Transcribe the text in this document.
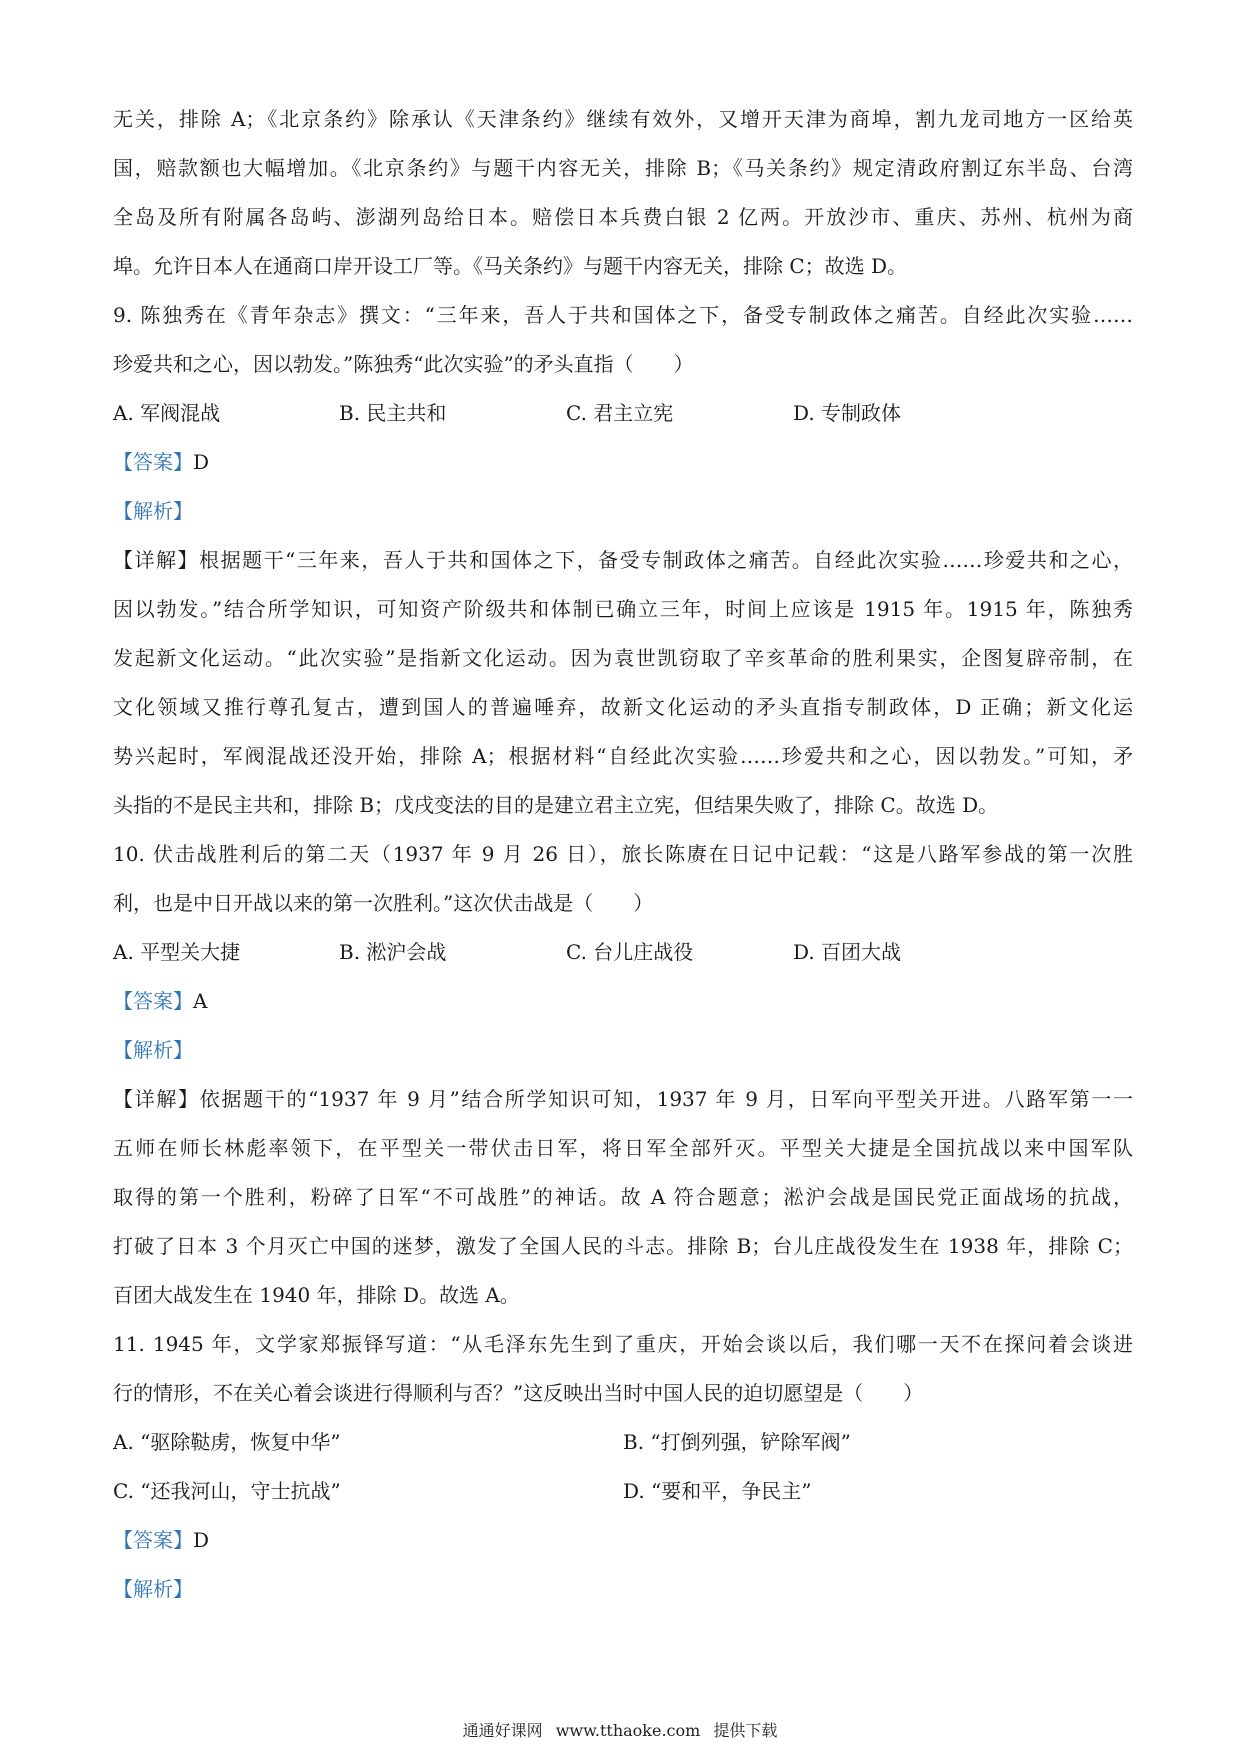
无关，排除 A；《北京条约》除承认《天津条约》继续有效外，又增开天津为商埠，割九龙司地方一区给英
国，赔款额也大幅增加。《北京条约》与题干内容无关，排除 B；《马关条约》规定清政府割辽东半岛、台湾
全岛及所有附属各岛屿、澎湖列岛给日本。赔偿日本兵费白银 2 亿两。开放沙市、重庆、苏州、杭州为商
埠。允许日本人在通商口岸开设工厂等。《马关条约》与题干内容无关，排除 C；故选 D。
9. 陈独秀在《青年杂志》撰文：“三年来，吾人于共和国体之下，备受专制政体之痛苦。自经此次实验……
珍爱共和之心，因以勃发。”陈独秀“此次实验”的矛头直指（　　）
A. 军阀混战	B. 民主共和	C. 君主立宪	D. 专制政体
【答案】D
【解析】
【详解】根据题干“三年来，吾人于共和国体之下，备受专制政体之痛苦。自经此次实验……珍爱共和之心，
因以勃发。”结合所学知识，可知资产阶级共和体制已确立三年，时间上应该是 1915 年。1915 年，陈独秀
发起新文化运动。“此次实验”是指新文化运动。因为袁世凯窃取了辛亥革命的胜利果实，企图复辟帝制，在
文化领域又推行尊孔复古，遭到国人的普遍唾弃，故新文化运动的矛头直指专制政体，D 正确；新文化运
势兴起时，军阀混战还没开始，排除 A；根据材料“自经此次实验……珍爱共和之心，因以勃发。”可知，矛
头指的不是民主共和，排除 B；戊戌变法的目的是建立君主立宪，但结果失败了，排除 C。故选 D。
10. 伏击战胜利后的第二天（1937 年 9 月 26 日），旅长陈赓在日记中记载：“这是八路军参战的第一次胜
利，也是中日开战以来的第一次胜利。”这次伏击战是（　　）
A. 平型关大捷	B. 淞沪会战	C. 台儿庄战役	D. 百团大战
【答案】A
【解析】
【详解】依据题干的“1937 年 9 月”结合所学知识可知，1937 年 9 月，日军向平型关开进。八路军第一一
五师在师长林彪率领下，在平型关一带伏击日军，将日军全部歼灭。平型关大捷是全国抗战以来中国军队
取得的第一个胜利，粉碎了日军“不可战胜”的神话。故 A 符合题意；淞沪会战是国民党正面战场的抗战，
打破了日本 3 个月灭亡中国的迷梦，激发了全国人民的斗志。排除 B；台儿庄战役发生在 1938 年，排除 C；
百团大战发生在 1940 年，排除 D。故选 A。
11. 1945 年，文学家郑振铎写道：“从毛泽东先生到了重庆，开始会谈以后，我们哪一天不在探问着会谈进
行的情形，不在关心着会谈进行得顺利与否？”这反映出当时中国人民的迫切愿望是（　　）
A. “驱除鞑虏，恢复中华”	B. “打倒列强，铲除军阀”
C. “还我河山，守士抗战”	D. “要和平，争民主”
【答案】D
【解析】
通通好课网 www.tthaoke.com 提供下载
